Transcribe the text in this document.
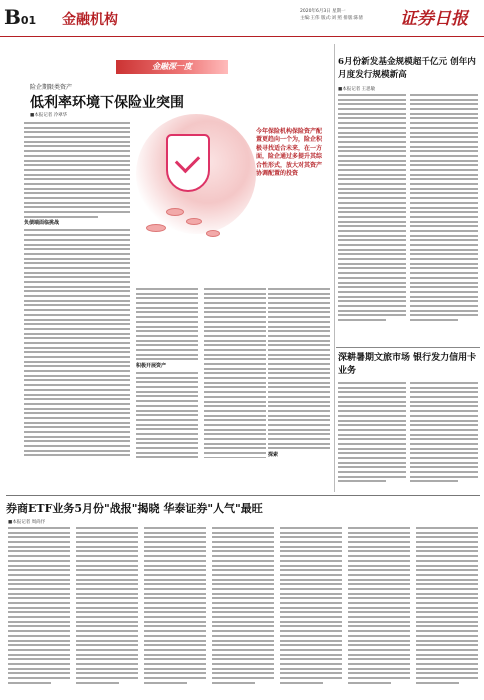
B01 金融机构
2020年6月3日 星期一
主编:王伟 版式:刘 照 排版:陈倩	证券日报
金融深一度
险企期限类资产
低利率环境下保险业突围
■本报记者 冷翠华
今年保险机构保险资产配置更趋向一个为，险企积极寻找适合未来，在一方面，险企通过多提升其综合性形式，放大对其资产协调配置的投资
负债端面临挑战
积极开展资产
探索
6月份新发基金规模超千亿元 创年内月度发行规模新高
■本报记者 王思敏
深耕暑期文旅市场 银行发力信用卡业务
券商ETF业务5月份"战报"揭晓 华泰证券"人气"最旺
■本报记者 周尚伃
